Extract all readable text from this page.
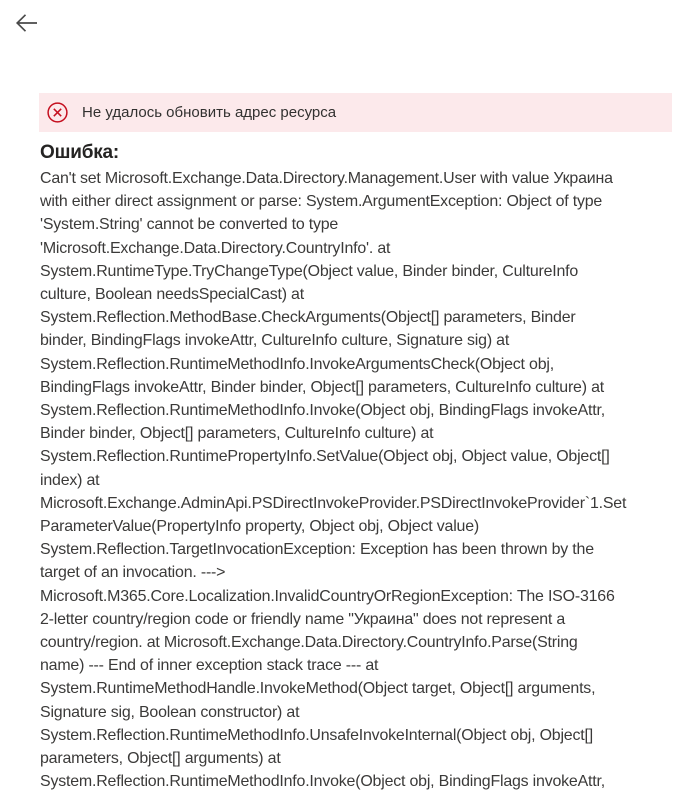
Не удалось обновить адрес ресурса
Ошибка:
Can't set Microsoft.Exchange.Data.Directory.Management.User with value Украина
with either direct assignment or parse: System.ArgumentException: Object of type
'System.String' cannot be converted to type
'Microsoft.Exchange.Data.Directory.CountryInfo'. at
System.RuntimeType.TryChangeType(Object value, Binder binder, CultureInfo
culture, Boolean needsSpecialCast) at
System.Reflection.MethodBase.CheckArguments(Object[] parameters, Binder
binder, BindingFlags invokeAttr, CultureInfo culture, Signature sig) at
System.Reflection.RuntimeMethodInfo.InvokeArgumentsCheck(Object obj,
BindingFlags invokeAttr, Binder binder, Object[] parameters, CultureInfo culture) at
System.Reflection.RuntimeMethodInfo.Invoke(Object obj, BindingFlags invokeAttr,
Binder binder, Object[] parameters, CultureInfo culture) at
System.Reflection.RuntimePropertyInfo.SetValue(Object obj, Object value, Object[]
index) at
Microsoft.Exchange.AdminApi.PSDirectInvokeProvider.PSDirectInvokeProvider`1.Set
ParameterValue(PropertyInfo property, Object obj, Object value)
System.Reflection.TargetInvocationException: Exception has been thrown by the
target of an invocation. --->
Microsoft.M365.Core.Localization.InvalidCountryOrRegionException: The ISO-3166
2-letter country/region code or friendly name "Украина" does not represent a
country/region. at Microsoft.Exchange.Data.Directory.CountryInfo.Parse(String
name) --- End of inner exception stack trace --- at
System.RuntimeMethodHandle.InvokeMethod(Object target, Object[] arguments,
Signature sig, Boolean constructor) at
System.Reflection.RuntimeMethodInfo.UnsafeInvokeInternal(Object obj, Object[]
parameters, Object[] arguments) at
System.Reflection.RuntimeMethodInfo.Invoke(Object obj, BindingFlags invokeAttr,
